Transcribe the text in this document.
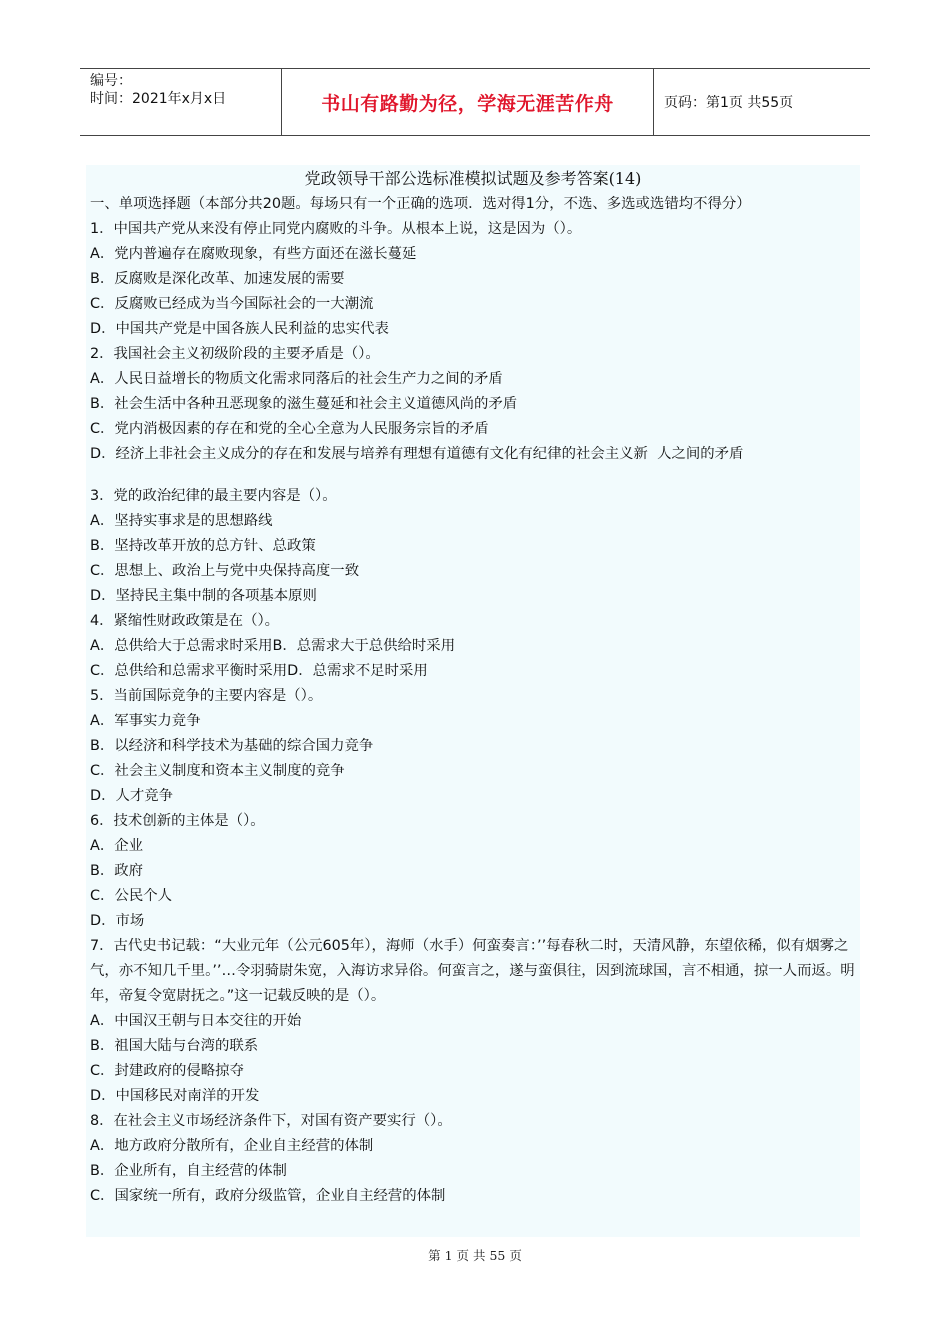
编号：
时间：2021年x月x日	书山有路勤为径，学海无涯苦作舟	页码：第1页 共55页
党政领导干部公选标准模拟试题及参考答案(14)
一、单项选择题（本部分共20题。每场只有一个正确的选项．选对得1分，不选、多选或选错均不得分）
1．中国共产党从来没有停止同党内腐败的斗争。从根本上说，这是因为（）。
A．党内普遍存在腐败现象，有些方面还在滋长蔓延
B．反腐败是深化改革、加速发展的需要
C．反腐败已经成为当今国际社会的一大潮流
D．中国共产党是中国各族人民利益的忠实代表
2．我国社会主义初级阶段的主要矛盾是（）。
A．人民日益增长的物质文化需求同落后的社会生产力之间的矛盾
B．社会生活中各种丑恶现象的滋生蔓延和社会主义道德风尚的矛盾
C．党内消极因素的存在和党的全心全意为人民服务宗旨的矛盾
D．经济上非社会主义成分的存在和发展与培养有理想有道德有文化有纪律的社会主义新  人之间的矛盾
3．党的政治纪律的最主要内容是（）。
A．坚持实事求是的思想路线
B．坚持改革开放的总方针、总政策
C．思想上、政治上与党中央保持高度一致
D．坚持民主集中制的各项基本原则
4．紧缩性财政政策是在（）。
A．总供给大于总需求时采用B．总需求大于总供给时采用
C．总供给和总需求平衡时采用D．总需求不足时采用
5．当前国际竞争的主要内容是（）。
A．军事实力竞争
B．以经济和科学技术为基础的综合国力竞争
C．社会主义制度和资本主义制度的竞争
D．人才竞争
6．技术创新的主体是（）。
A．企业
B．政府
C．公民个人
D．市场
7．古代史书记载：“大业元年（公元605年），海师（水手）何蛮奏言：’’每春秋二时，天清风静，东望依稀，似有烟雾之气，亦不知几千里。’’…令羽骑尉朱宽，入海访求异俗。何蛮言之，遂与蛮俱往，因到流球国，言不相通，掠一人而返。明年，帝复令宽尉抚之。”这一记载反映的是（）。
A．中国汉王朝与日本交往的开始
B．祖国大陆与台湾的联系
C．封建政府的侵略掠夺
D．中国移民对南洋的开发
8．在社会主义市场经济条件下，对国有资产要实行（）。
A．地方政府分散所有，企业自主经营的体制
B．企业所有，自主经营的体制
C．国家统一所有，政府分级监管，企业自主经营的体制
第 1 页 共 55 页
